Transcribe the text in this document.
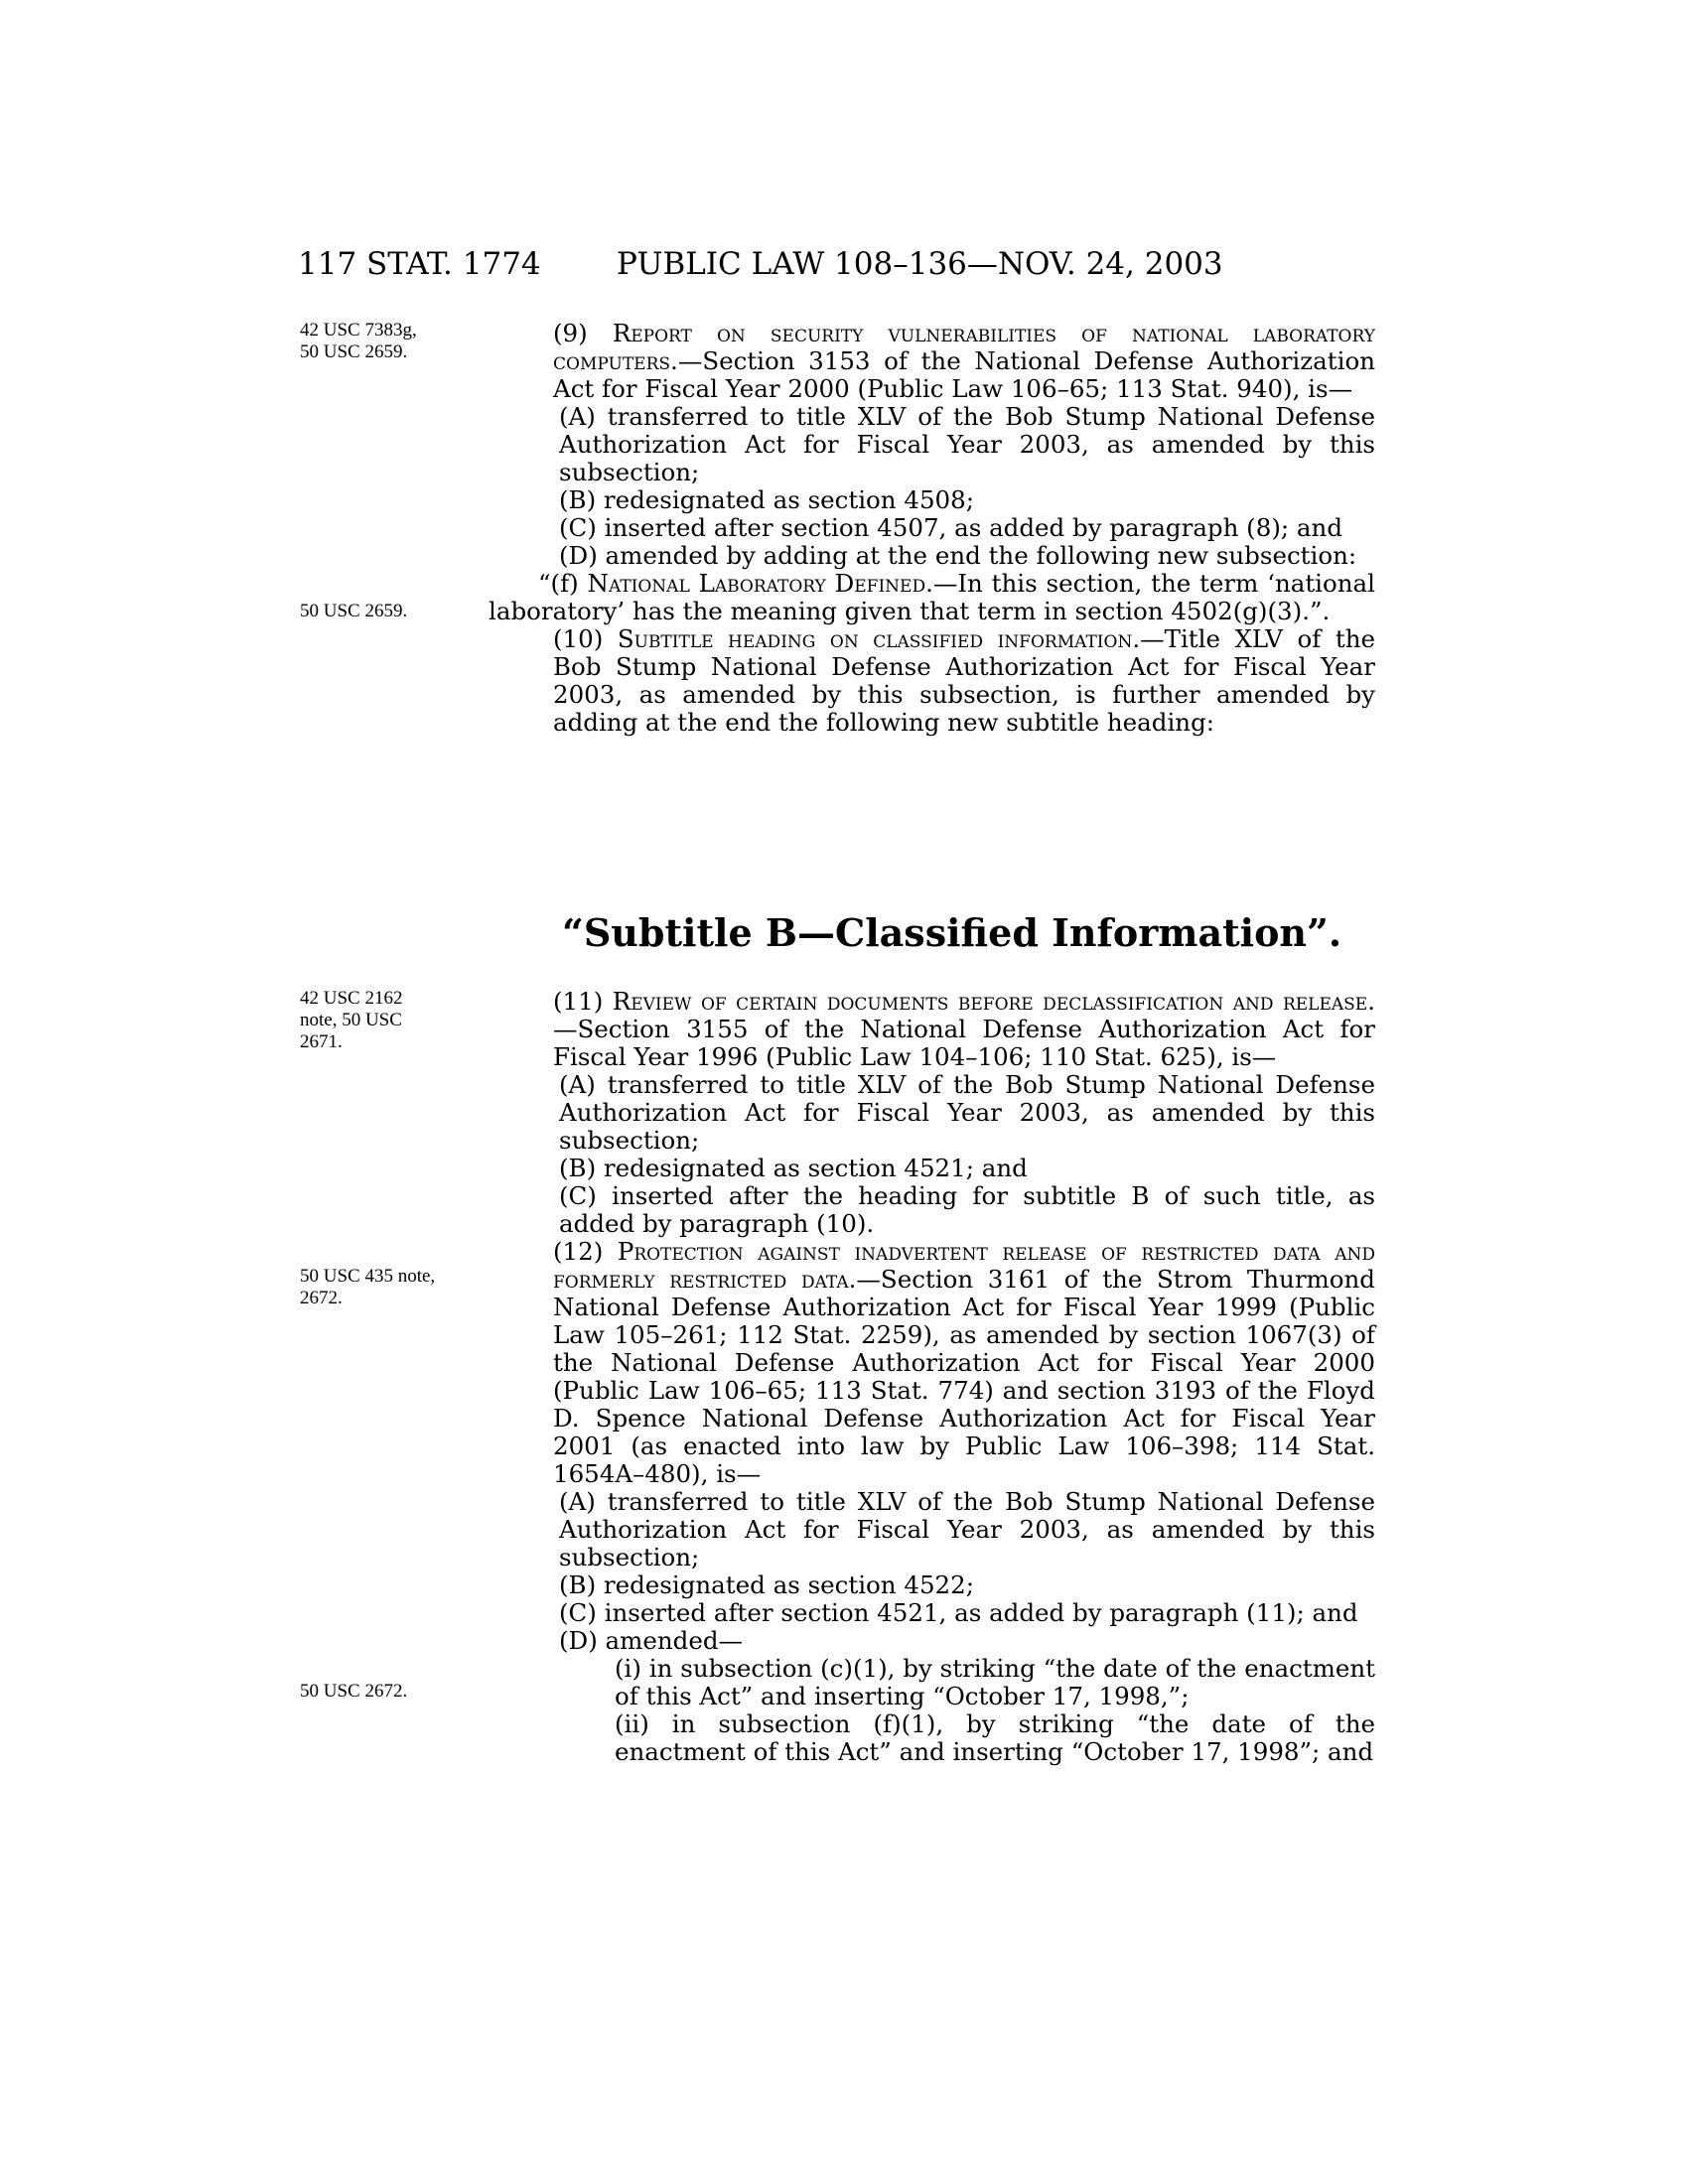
117 STAT. 1774 PUBLIC LAW 108–136—NOV. 24, 2003
42 USC 7383g,
50 USC 2659.
50 USC 2659.
42 USC 2162
note, 50 USC
2671.
50 USC 435 note,
2672.
50 USC 2672.

(9) Report on security vulnerabilities of national laboratory computers.—Section 3153 of the National Defense Authorization Act for Fiscal Year 2000 (Public Law 106–65; 113 Stat. 940), is—

(A) transferred to title XLV of the Bob Stump National Defense Authorization Act for Fiscal Year 2003, as amended by this subsection;

(B) redesignated as section 4508;

(C) inserted after section 4507, as added by paragraph (8); and

(D) amended by adding at the end the following new subsection:

“(f) National Laboratory Defined.—In this section, the term ‘national laboratory’ has the meaning given that term in section 4502(g)(3).”.

(10) Subtitle heading on classified information.—Title XLV of the Bob Stump National Defense Authorization Act for Fiscal Year 2003, as amended by this subsection, is further amended by adding at the end the following new subtitle heading:

“Subtitle B—Classified Information”.

(11) Review of certain documents before declassification and release.—Section 3155 of the National Defense Authorization Act for Fiscal Year 1996 (Public Law 104–106; 110 Stat. 625), is—

(A) transferred to title XLV of the Bob Stump National Defense Authorization Act for Fiscal Year 2003, as amended by this subsection;

(B) redesignated as section 4521; and

(C) inserted after the heading for subtitle B of such title, as added by paragraph (10).

(12) Protection against inadvertent release of restricted data and formerly restricted data.—Section 3161 of the Strom Thurmond National Defense Authorization Act for Fiscal Year 1999 (Public Law 105–261; 112 Stat. 2259), as amended by section 1067(3) of the National Defense Authorization Act for Fiscal Year 2000 (Public Law 106–65; 113 Stat. 774) and section 3193 of the Floyd D. Spence National Defense Authorization Act for Fiscal Year 2001 (as enacted into law by Public Law 106–398; 114 Stat. 1654A–480), is—

(A) transferred to title XLV of the Bob Stump National Defense Authorization Act for Fiscal Year 2003, as amended by this subsection;

(B) redesignated as section 4522;

(C) inserted after section 4521, as added by paragraph (11); and

(D) amended—

(i) in subsection (c)(1), by striking “the date of the enactment of this Act” and inserting “October 17, 1998,”;

(ii) in subsection (f)(1), by striking “the date of the enactment of this Act” and inserting “October 17, 1998”; and
